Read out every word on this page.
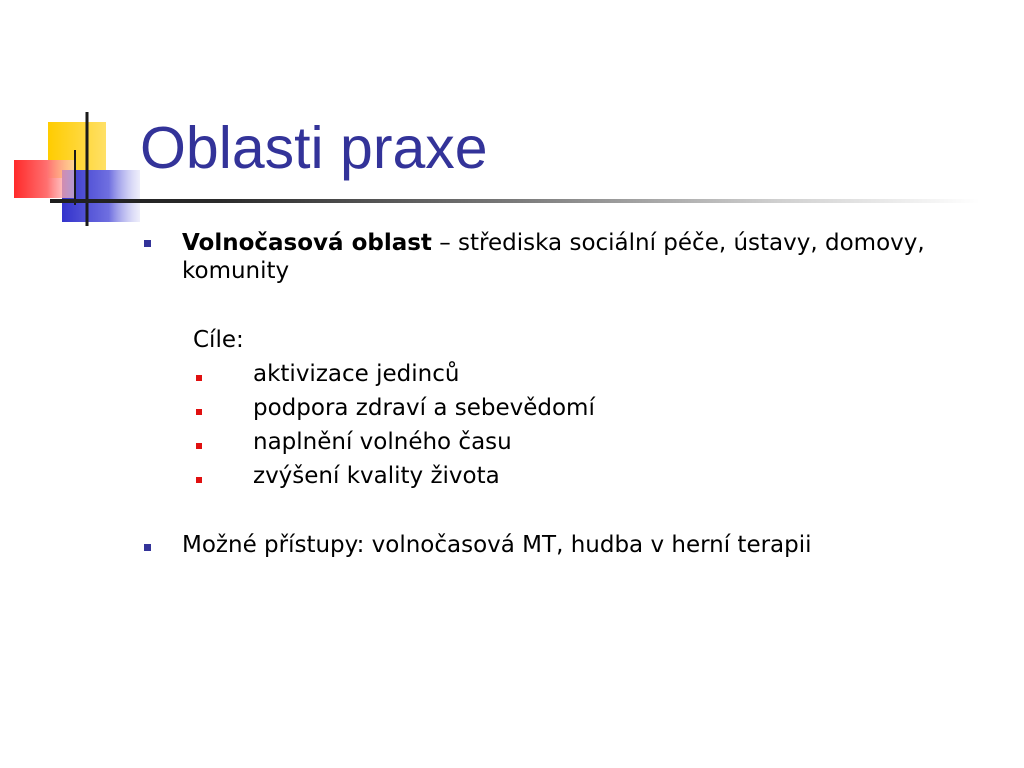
Oblasti praxe
Volnočasová oblast – střediska sociální péče, ústavy, domovy,
komunity
Cíle:
aktivizace jedinců
podpora zdraví a sebevědomí
naplnění volného času
zvýšení kvality života
Možné přístupy: volnočasová MT, hudba v herní terapii
